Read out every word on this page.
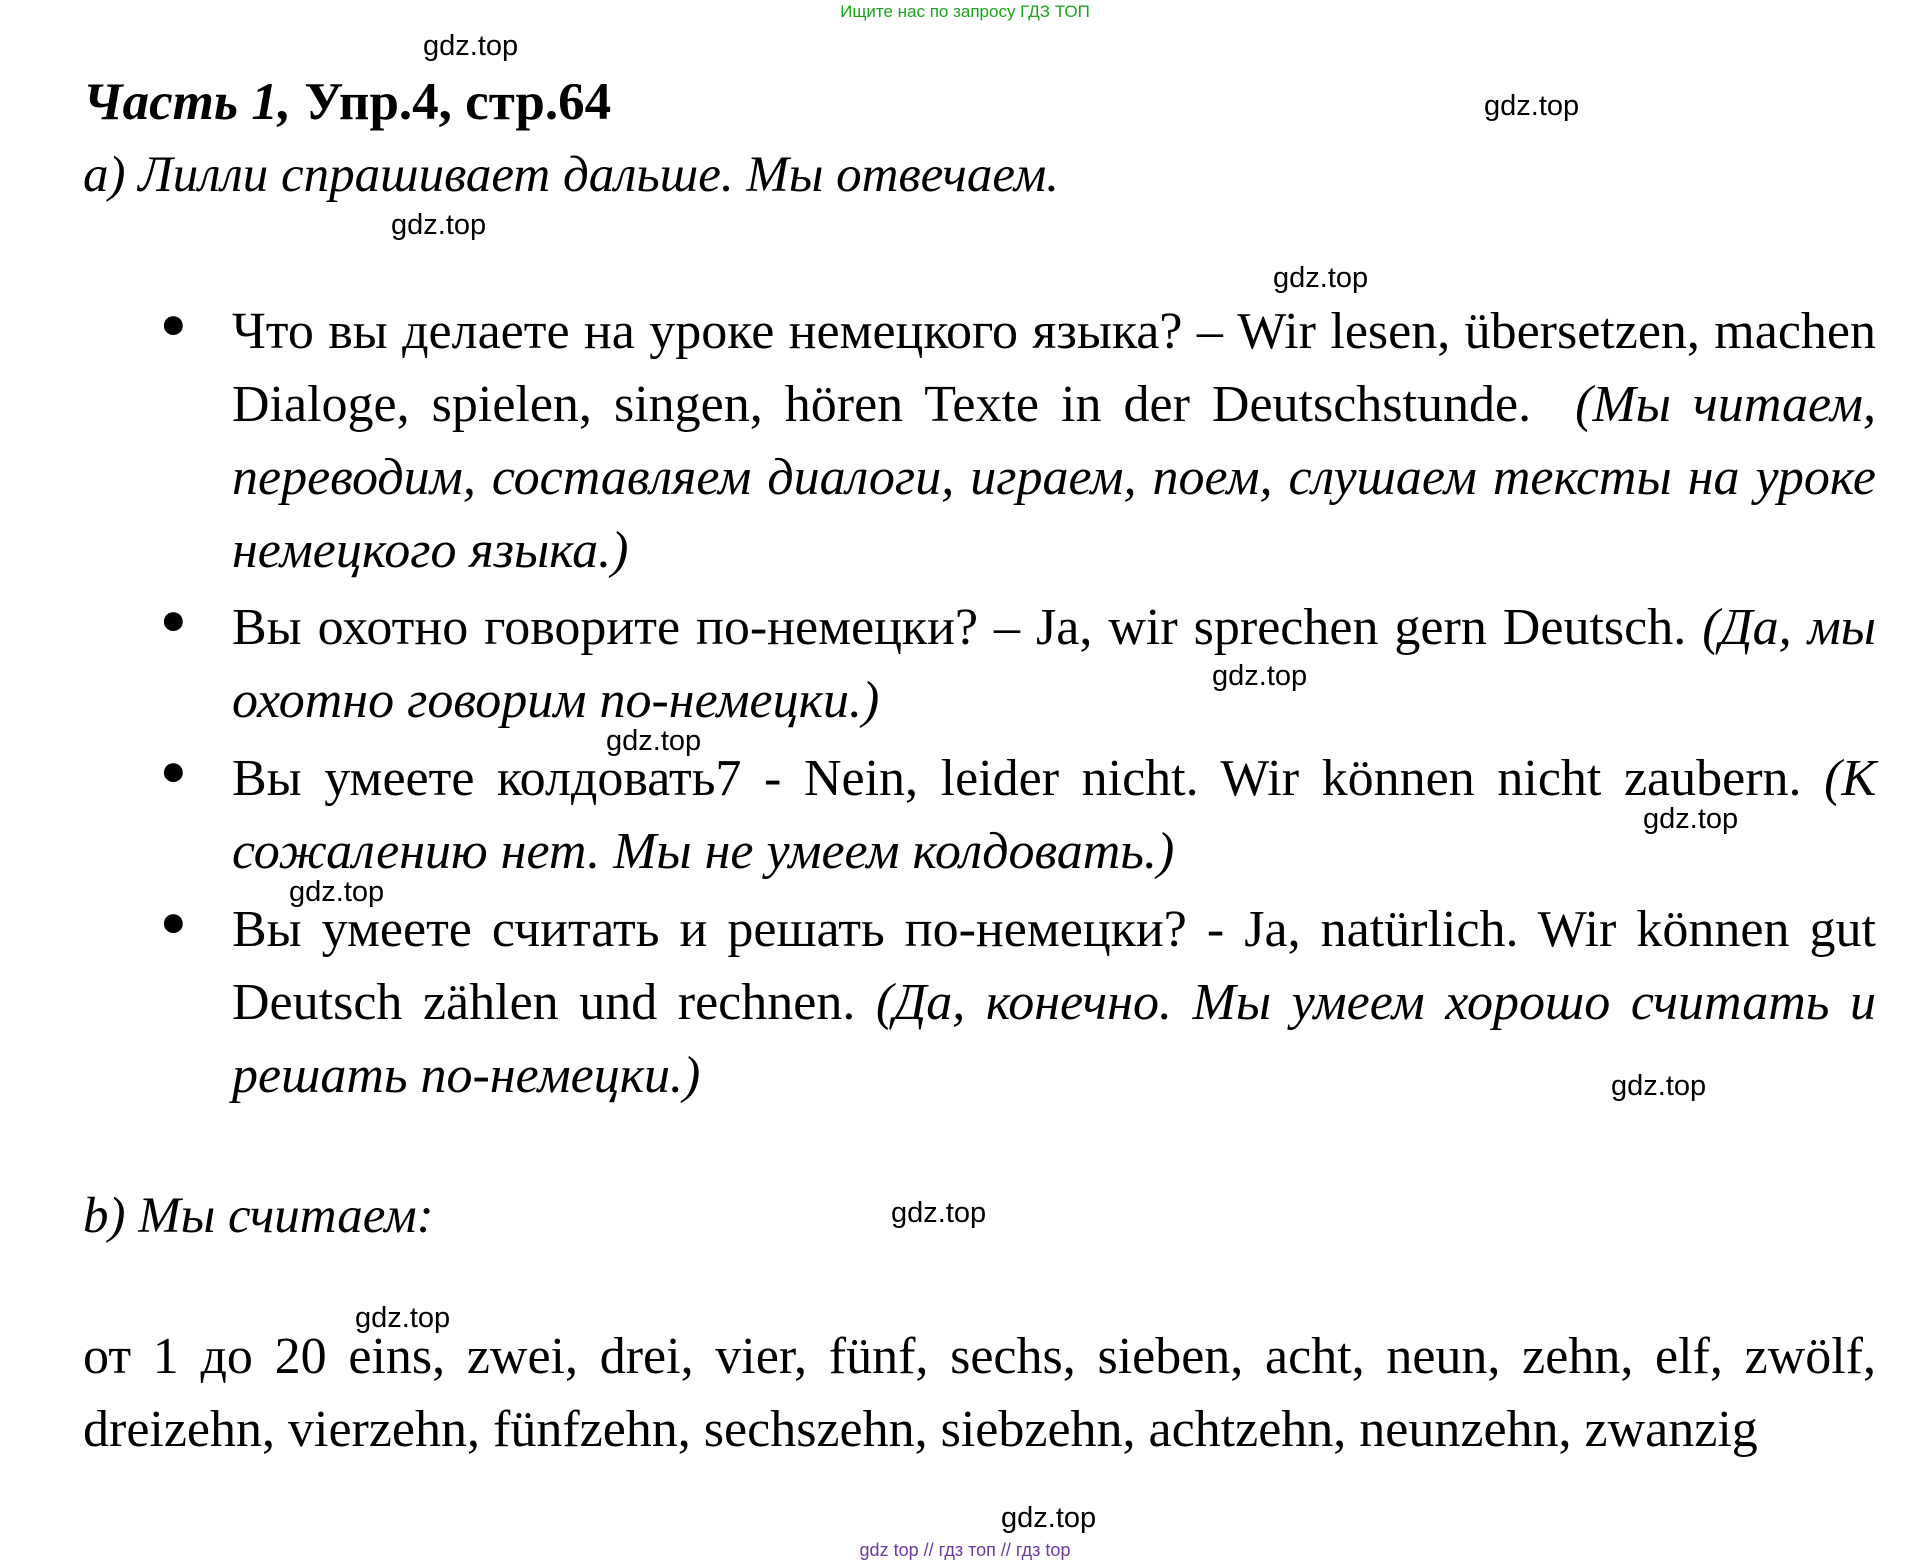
Ищите нас по запросу ГДЗ ТОП
gdz.top
gdz.top
gdz.top
gdz.top
gdz.top
gdz.top
gdz.top
gdz.top
gdz.top
gdz.top
gdz.top
gdz.top
Часть 1, Упр.4, стр.64
a) Лилли спрашивает дальше. Мы отвечаем.
● Что вы делаете на уроке немецкого языка? – Wir lesen, übersetzen, machen Dialoge, spielen, singen, hören Texte in der Deutschstunde. (Мы читаем, переводим, составляем диалоги, играем, поем, слушаем тексты на уроке немецкого языка.)
● Вы охотно говорите по-немецки? – Ja, wir sprechen gern Deutsch. (Да, мы охотно говорим по-немецки.)
● Вы умеете колдовать7 - Nein, leider nicht. Wir können nicht zaubern. (К сожалению нет. Мы не умеем колдовать.)
● Вы умеете считать и решать по-немецки? - Ja, natürlich. Wir können gut Deutsch zählen und rechnen. (Да, конечно. Мы умеем хорошо считать и решать по-немецки.)
b) Мы считаем:
от 1 до 20 eins, zwei, drei, vier, fünf, sechs, sieben, acht, neun, zehn, elf, zwölf, dreizehn, vierzehn, fünfzehn, sechszehn, siebzehn, achtzehn, neunzehn, zwanzig
gdz top // гдз топ // гдз top
